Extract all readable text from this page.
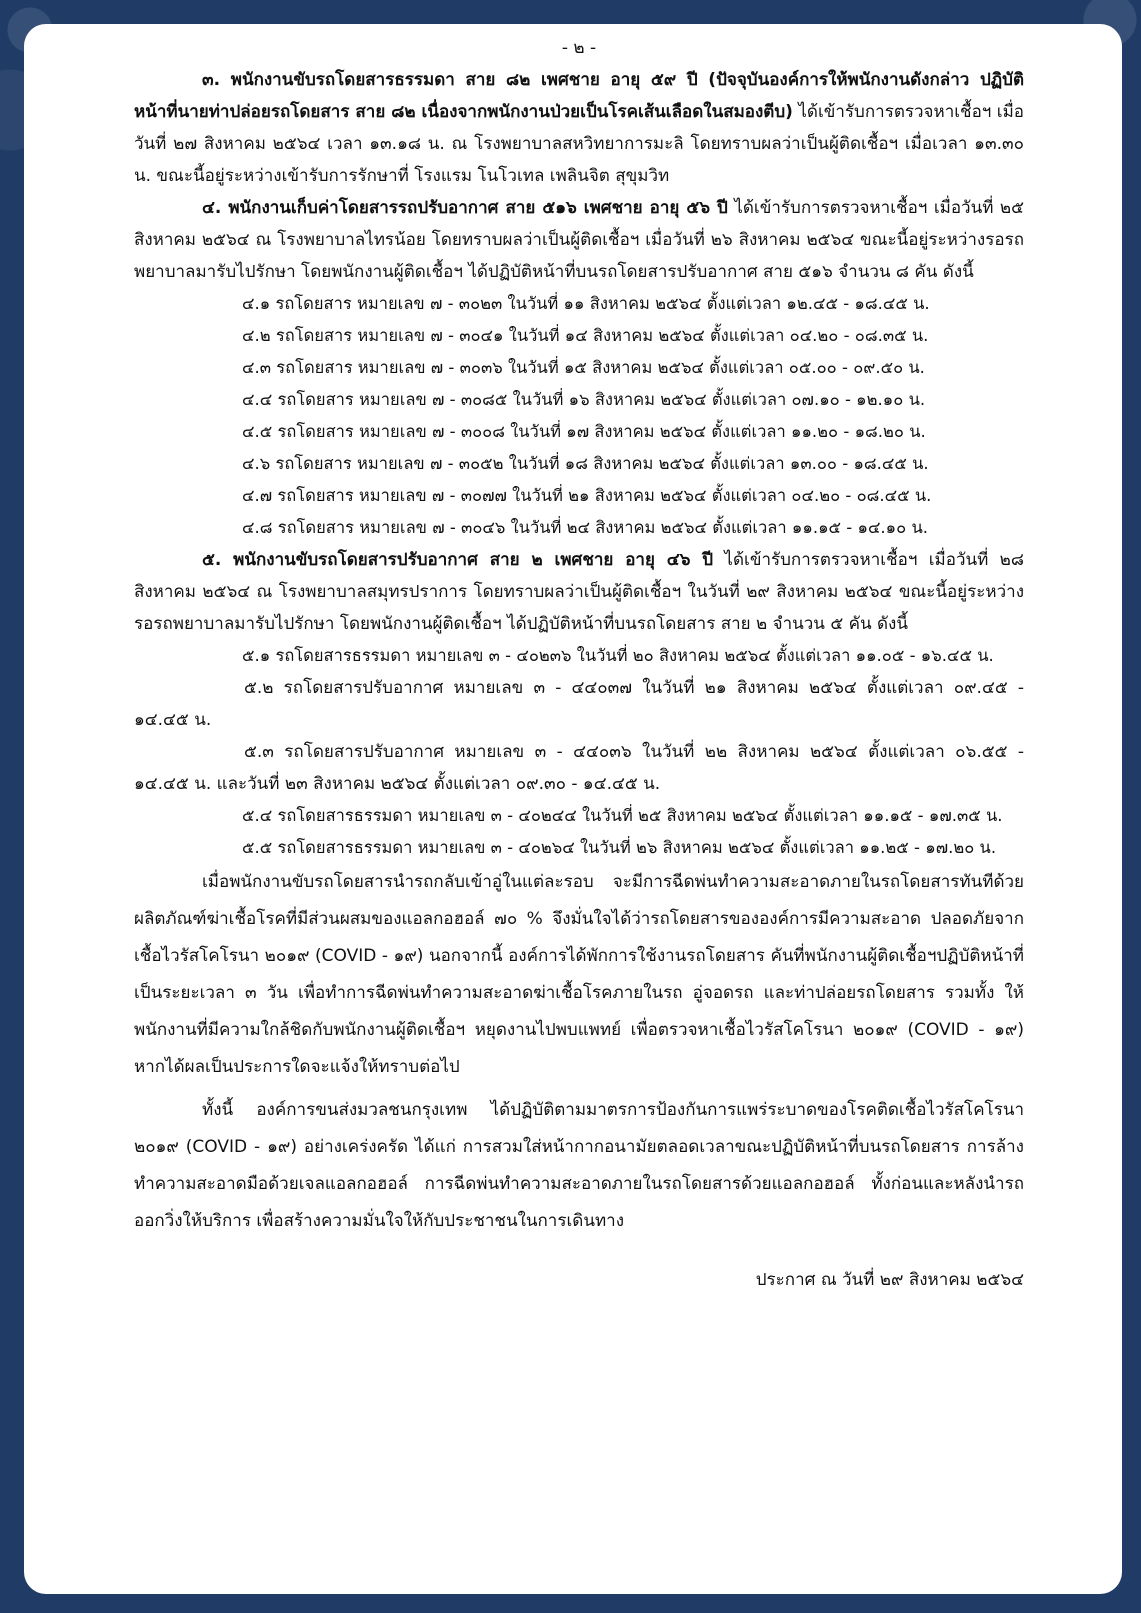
- ๒ -

๓. พนักงานขับรถโดยสารธรรมดา สาย ๘๒ เพศชาย อายุ ๕๙ ปี (ปัจจุบันองค์การให้พนักงานดังกล่าว ปฏิบัติหน้าที่นายท่าปล่อยรถโดยสาร สาย ๘๒ เนื่องจากพนักงานป่วยเป็นโรคเส้นเลือดในสมองตีบ) ได้เข้ารับการตรวจหาเชื้อฯ เมื่อวันที่ ๒๗ สิงหาคม ๒๕๖๔ เวลา ๑๓.๑๘ น. ณ โรงพยาบาลสหวิทยาการมะลิ โดยทราบผลว่าเป็นผู้ติดเชื้อฯ เมื่อเวลา ๑๓.๓๐ น. ขณะนี้อยู่ระหว่างเข้ารับการรักษาที่ โรงแรม โนโวเทล เพลินจิต สุขุมวิท

๔. พนักงานเก็บค่าโดยสารรถปรับอากาศ สาย ๕๑๖ เพศชาย อายุ ๕๖ ปี ได้เข้ารับการตรวจหาเชื้อฯ เมื่อวันที่ ๒๕ สิงหาคม ๒๕๖๔ ณ โรงพยาบาลไทรน้อย โดยทราบผลว่าเป็นผู้ติดเชื้อฯ เมื่อวันที่ ๒๖ สิงหาคม ๒๕๖๔ ขณะนี้อยู่ระหว่างรอรถพยาบาลมารับไปรักษา โดยพนักงานผู้ติดเชื้อฯ ได้ปฏิบัติหน้าที่บนรถโดยสารปรับอากาศ สาย ๕๑๖ จำนวน ๘ คัน ดังนี้

๔.๑ รถโดยสาร หมายเลข ๗ - ๓๐๒๓ ในวันที่ ๑๑ สิงหาคม ๒๕๖๔ ตั้งแต่เวลา ๑๒.๔๕ - ๑๘.๔๕ น.

๔.๒ รถโดยสาร หมายเลข ๗ - ๓๐๔๑ ในวันที่ ๑๔ สิงหาคม ๒๕๖๔ ตั้งแต่เวลา ๐๔.๒๐ - ๐๘.๓๕ น.

๔.๓ รถโดยสาร หมายเลข ๗ - ๓๐๓๖ ในวันที่ ๑๕ สิงหาคม ๒๕๖๔ ตั้งแต่เวลา ๐๕.๐๐ - ๐๙.๕๐ น.

๔.๔ รถโดยสาร หมายเลข ๗ - ๓๐๘๕ ในวันที่ ๑๖ สิงหาคม ๒๕๖๔ ตั้งแต่เวลา ๐๗.๑๐ - ๑๒.๑๐ น.

๔.๕ รถโดยสาร หมายเลข ๗ - ๓๐๐๘ ในวันที่ ๑๗ สิงหาคม ๒๕๖๔ ตั้งแต่เวลา ๑๑.๒๐ - ๑๘.๒๐ น.

๔.๖ รถโดยสาร หมายเลข ๗ - ๓๐๕๒ ในวันที่ ๑๘ สิงหาคม ๒๕๖๔ ตั้งแต่เวลา ๑๓.๐๐ - ๑๘.๔๕ น.

๔.๗ รถโดยสาร หมายเลข ๗ - ๓๐๗๗ ในวันที่ ๒๑ สิงหาคม ๒๕๖๔ ตั้งแต่เวลา ๐๔.๒๐ - ๐๘.๔๕ น.

๔.๘ รถโดยสาร หมายเลข ๗ - ๓๐๔๖ ในวันที่ ๒๔ สิงหาคม ๒๕๖๔ ตั้งแต่เวลา ๑๑.๑๕ - ๑๔.๑๐ น.

๕. พนักงานขับรถโดยสารปรับอากาศ สาย ๒ เพศชาย อายุ ๔๖ ปี ได้เข้ารับการตรวจหาเชื้อฯ เมื่อวันที่ ๒๘ สิงหาคม ๒๕๖๔ ณ โรงพยาบาลสมุทรปราการ โดยทราบผลว่าเป็นผู้ติดเชื้อฯ ในวันที่ ๒๙ สิงหาคม ๒๕๖๔ ขณะนี้อยู่ระหว่างรอรถพยาบาลมารับไปรักษา โดยพนักงานผู้ติดเชื้อฯ ได้ปฏิบัติหน้าที่บนรถโดยสาร สาย ๒ จำนวน ๕ คัน ดังนี้

๕.๑ รถโดยสารธรรมดา หมายเลข ๓ - ๔๐๒๓๖ ในวันที่ ๒๐ สิงหาคม ๒๕๖๔ ตั้งแต่เวลา ๑๑.๐๕ - ๑๖.๔๕ น.

๕.๒ รถโดยสารปรับอากาศ หมายเลข ๓ - ๔๔๐๓๗ ในวันที่ ๒๑ สิงหาคม ๒๕๖๔ ตั้งแต่เวลา ๐๙.๔๕ - ๑๔.๔๕ น.

๕.๓ รถโดยสารปรับอากาศ หมายเลข ๓ - ๔๔๐๓๖ ในวันที่ ๒๒ สิงหาคม ๒๕๖๔ ตั้งแต่เวลา ๐๖.๕๕ - ๑๔.๔๕ น. และวันที่ ๒๓ สิงหาคม ๒๕๖๔ ตั้งแต่เวลา ๐๙.๓๐ - ๑๔.๔๕ น.

๕.๔ รถโดยสารธรรมดา หมายเลข ๓ - ๔๐๒๔๔ ในวันที่ ๒๕ สิงหาคม ๒๕๖๔ ตั้งแต่เวลา ๑๑.๑๕ - ๑๗.๓๕ น.

๕.๕ รถโดยสารธรรมดา หมายเลข ๓ - ๔๐๒๖๔ ในวันที่ ๒๖ สิงหาคม ๒๕๖๔ ตั้งแต่เวลา ๑๑.๒๕ - ๑๗.๒๐ น.

เมื่อพนักงานขับรถโดยสารนำรถกลับเข้าอู่ในแต่ละรอบ จะมีการฉีดพ่นทำความสะอาดภายในรถโดยสารทันทีด้วยผลิตภัณฑ์ฆ่าเชื้อโรคที่มีส่วนผสมของแอลกอฮอล์ ๗๐ % จึงมั่นใจได้ว่ารถโดยสารขององค์การมีความสะอาด ปลอดภัยจากเชื้อไวรัสโคโรนา ๒๐๑๙ (COVID - ๑๙) นอกจากนี้ องค์การได้พักการใช้งานรถโดยสาร คันที่พนักงานผู้ติดเชื้อฯปฏิบัติหน้าที่ เป็นระยะเวลา ๓ วัน เพื่อทำการฉีดพ่นทำความสะอาดฆ่าเชื้อโรคภายในรถ อู่จอดรถ และท่าปล่อยรถโดยสาร รวมทั้ง ให้พนักงานที่มีความใกล้ชิดกับพนักงานผู้ติดเชื้อฯ หยุดงานไปพบแพทย์ เพื่อตรวจหาเชื้อไวรัสโคโรนา ๒๐๑๙ (COVID - ๑๙) หากได้ผลเป็นประการใดจะแจ้งให้ทราบต่อไป

ทั้งนี้ องค์การขนส่งมวลชนกรุงเทพ ได้ปฏิบัติตามมาตรการป้องกันการแพร่ระบาดของโรคติดเชื้อไวรัสโคโรนา ๒๐๑๙ (COVID - ๑๙) อย่างเคร่งครัด ได้แก่ การสวมใส่หน้ากากอนามัยตลอดเวลาขณะปฏิบัติหน้าที่บนรถโดยสาร การล้างทำความสะอาดมือด้วยเจลแอลกอฮอล์ การฉีดพ่นทำความสะอาดภายในรถโดยสารด้วยแอลกอฮอล์ ทั้งก่อนและหลังนำรถออกวิ่งให้บริการ เพื่อสร้างความมั่นใจให้กับประชาชนในการเดินทาง

ประกาศ ณ วันที่ ๒๙ สิงหาคม ๒๕๖๔
